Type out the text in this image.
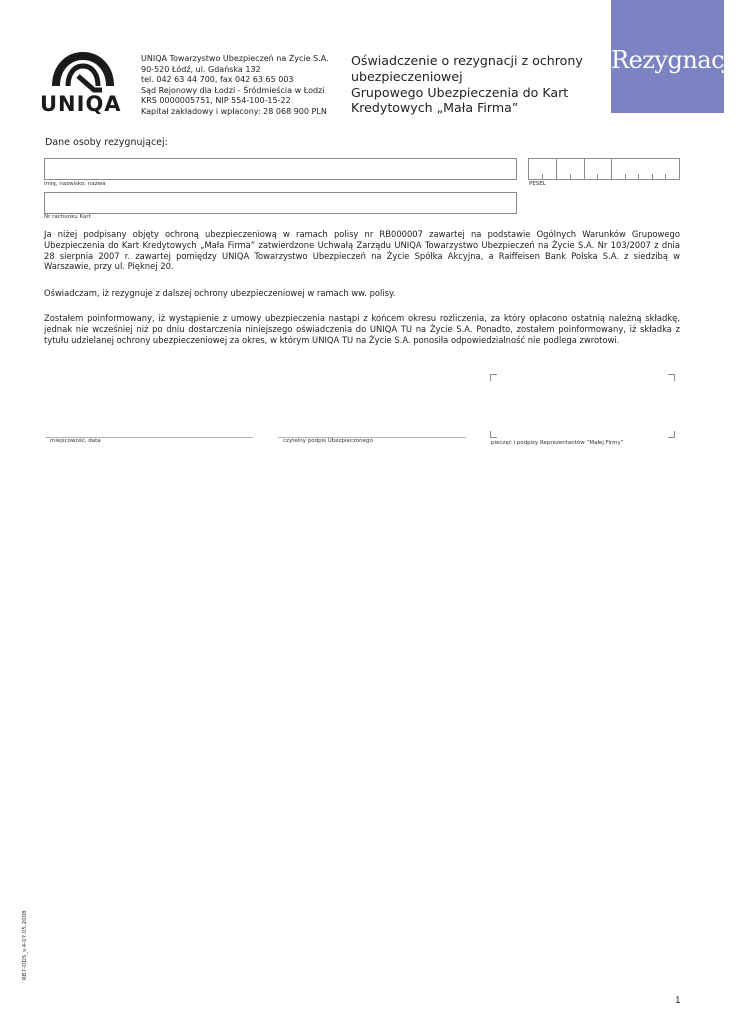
UNIQA
UNIQA Towarzystwo Ubezpieczeń na Życie S.A.
90-520 Łódź, ul. Gdańska 132
tel. 042 63 44 700, fax 042 63 65 003
Sąd Rejonowy dla Łodzi - Śródmieścia w Łodzi
KRS 0000005751, NIP 554-100-15-22
Kapitał zakładowy i wpłacony: 28 068 900 PLN
Oświadczenie o rezygnacji z ochrony
ubezpieczeniowej
Grupowego Ubezpieczenia do Kart
Kredytowych „Mała Firma”
Rezygnacja
Dane osoby rezygnującej:
Imię, nazwisko, nazwa	PESEL
Nr rachunku Kart
Ja niżej podpisany objęty ochroną ubezpieczeniową w ramach polisy nr RB000007 zawartej na podstawie Ogólnych Warunków Grupowego Ubezpieczenia do Kart Kredytowych „Mała Firma” zatwierdzone Uchwałą Zarządu UNIQA Towarzystwo Ubezpieczeń na Życie S.A. Nr 103/2007 z dnia 28 sierpnia 2007 r. zawartej pomiędzy UNIQA Towarzystwo Ubezpieczeń na Życie Spółka Akcyjna, a Raiffeisen Bank Polska S.A. z siedzibą w Warszawie, przy ul. Pięknej 20.
Oświadczam, iż rezygnuje z dalszej ochrony ubezpieczeniowej w ramach ww. polisy.
Zostałem poinformowany, iż wystąpienie z umowy ubezpieczenia nastąpi z końcem okresu rozliczenia, za który opłacono ostatnią należną składkę, jednak nie wcześniej niż po dniu dostarczenia niniejszego oświadczenia do UNIQA TU na Życie S.A. Ponadto, zostałem poinformowany, iż składka z tytułu udzielanej ochrony ubezpieczeniowej za okres, w którym UNIQA TU na Życie S.A. ponosiła odpowiedzialność nie podlega zwrotowi.
miejscowość, data	czytelny podpis Ubezpieczonego	pieczęć i podpisy Reprezentantów “Małej Firmy”
RB7-ODS_v.4-07.05.2008
1
